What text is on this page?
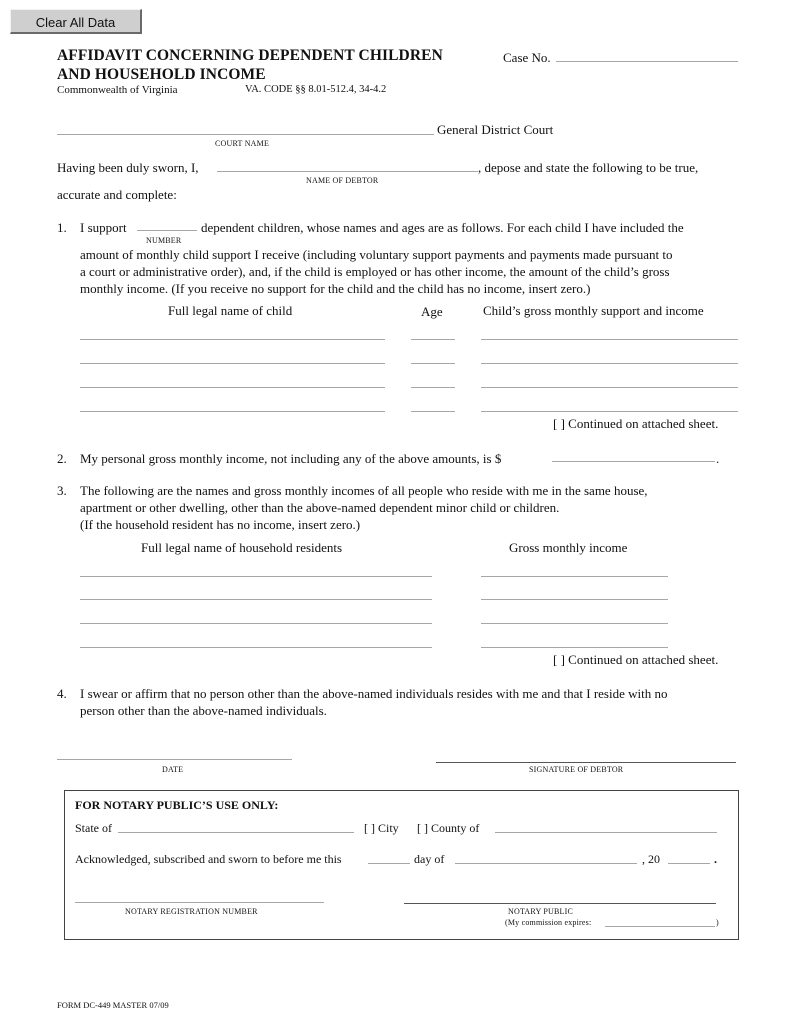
Clear All Data
AFFIDAVIT CONCERNING DEPENDENT CHILDREN
AND HOUSEHOLD INCOME
Commonwealth of Virginia	VA. CODE §§ 8.01-512.4, 34-4.2
Case No.
General District Court
COURT NAME
Having been duly sworn, I,	, depose and state the following to be true,
NAME OF DEBTOR
accurate and complete:
1. I support	dependent children, whose names and ages are as follows. For each child I have included the
NUMBER
amount of monthly child support I receive (including voluntary support payments and payments made pursuant to
a court or administrative order), and, if the child is employed or has other income, the amount of the child’s gross
monthly income. (If you receive no support for the child and the child has no income, insert zero.)
Full legal name of child	Age	Child’s gross monthly support and income
[ ] Continued on attached sheet.
2. My personal gross monthly income, not including any of the above amounts, is $	.
3. The following are the names and gross monthly incomes of all people who reside with me in the same house,
apartment or other dwelling, other than the above-named dependent minor child or children.
(If the household resident has no income, insert zero.)
Full legal name of household residents	Gross monthly income
[ ] Continued on attached sheet.
4. I swear or affirm that no person other than the above-named individuals resides with me and that I reside with no
person other than the above-named individuals.
DATE	SIGNATURE OF DEBTOR
FOR NOTARY PUBLIC’S USE ONLY:
State of	[ ] City [ ] County of
Acknowledged, subscribed and sworn to before me this	day of	, 20	.
NOTARY REGISTRATION NUMBER	NOTARY PUBLIC
(My commission expires:	)
FORM DC-449 MASTER 07/09
